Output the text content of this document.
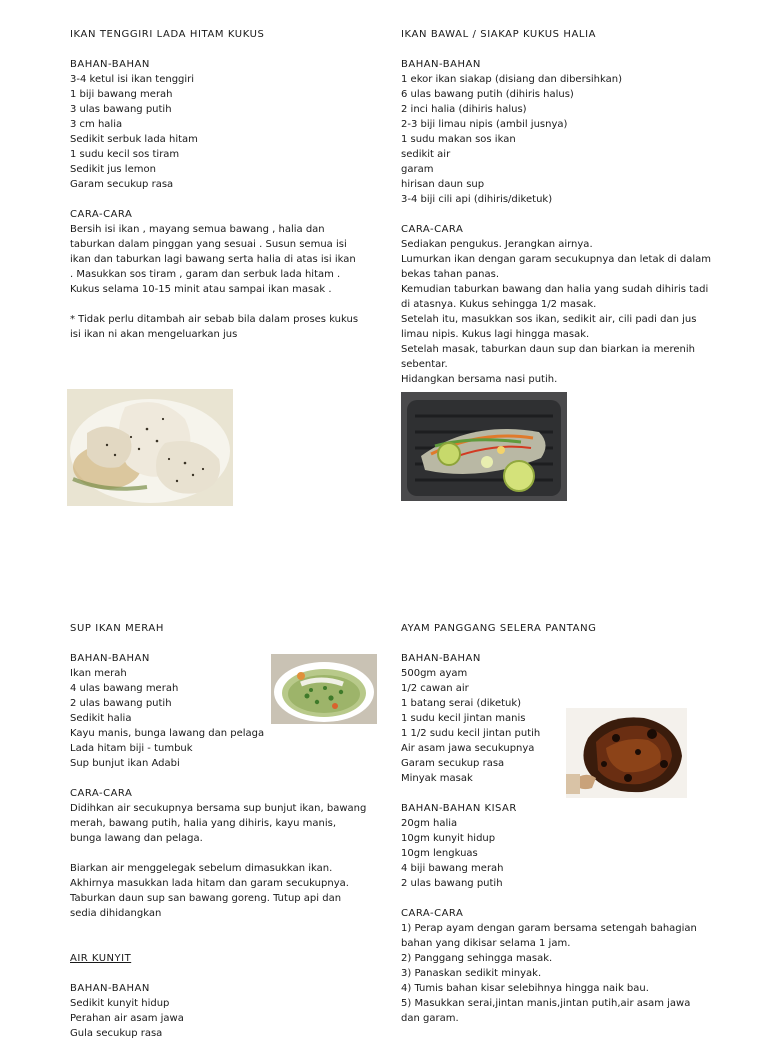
IKAN TENGGIRI LADA HITAM KUKUS
BAHAN-BAHAN
3-4 ketul isi ikan tenggiri
1 biji bawang merah
3 ulas bawang putih
3 cm halia
Sedikit serbuk lada hitam
1 sudu kecil sos tiram
Sedikit jus lemon
Garam secukup rasa
CARA-CARA
Bersih isi ikan , mayang semua bawang , halia dan taburkan dalam pinggan yang sesuai . Susun semua isi ikan dan taburkan lagi bawang serta halia di atas isi ikan . Masukkan sos tiram , garam dan serbuk lada hitam . Kukus selama 10-15 minit atau sampai ikan masak .
* Tidak perlu ditambah air sebab bila dalam proses kukus isi ikan ni akan mengeluarkan jus
IKAN BAWAL / SIAKAP KUKUS HALIA
BAHAN-BAHAN
1 ekor ikan siakap (disiang dan dibersihkan)
6 ulas bawang putih (dihiris halus)
2 inci halia (dihiris halus)
2-3 biji limau nipis (ambil jusnya)
1 sudu makan sos ikan
sedikit air
garam
hirisan daun sup
3-4 biji cili api (dihiris/diketuk)
CARA-CARA
Sediakan pengukus. Jerangkan airnya.
Lumurkan ikan dengan garam secukupnya dan letak di dalam
bekas tahan panas.
Kemudian taburkan bawang dan halia yang sudah dihiris tadi
di atasnya. Kukus sehingga 1/2 masak.
Setelah itu, masukkan sos ikan, sedikit air, cili padi dan jus
limau nipis. Kukus lagi hingga masak.
Setelah masak, taburkan daun sup dan biarkan ia merenih
sebentar.
Hidangkan bersama nasi putih.
SUP IKAN MERAH
BAHAN-BAHAN
Ikan merah
4 ulas bawang merah
2 ulas bawang putih
Sedikit halia
Kayu manis, bunga lawang dan pelaga
Lada hitam biji - tumbuk
Sup bunjut ikan Adabi
CARA-CARA
Didihkan air secukupnya bersama sup bunjut ikan, bawang merah, bawang putih, halia yang dihiris, kayu manis, bunga lawang dan pelaga.
Biarkan air menggelegak sebelum dimasukkan ikan. Akhirnya masukkan lada hitam dan garam secukupnya. Taburkan daun sup san bawang goreng. Tutup api dan sedia dihidangkan
AIR KUNYIT
BAHAN-BAHAN
Sedikit kunyit hidup
Perahan air asam jawa
Gula secukup rasa
AYAM PANGGANG SELERA PANTANG
BAHAN-BAHAN
500gm ayam
1/2 cawan air
1 batang serai (diketuk)
1 sudu kecil jintan manis
1 1/2 sudu kecil jintan putih
Air asam jawa secukupnya
Garam secukup rasa
Minyak masak
BAHAN-BAHAN KISAR
20gm halia
10gm kunyit hidup
10gm lengkuas
4 biji bawang merah
2 ulas bawang putih
CARA-CARA
1) Perap ayam dengan garam bersama setengah bahagian
bahan yang dikisar selama 1 jam.
2) Panggang sehingga masak.
3) Panaskan sedikit minyak.
4) Tumis bahan kisar selebihnya hingga naik bau.
5) Masukkan serai,jintan manis,jintan putih,air asam jawa
dan garam.
